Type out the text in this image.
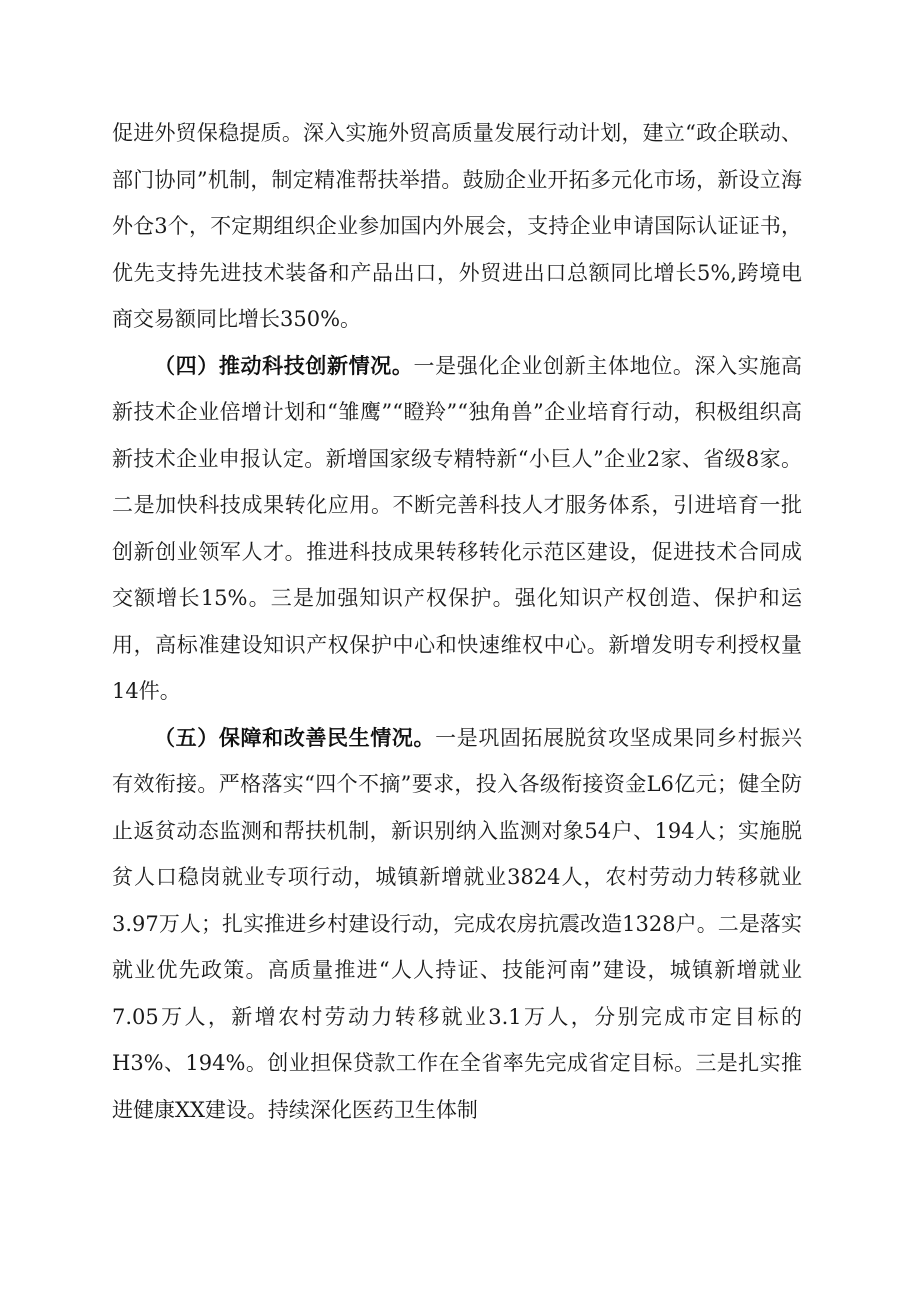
促进外贸保稳提质。深入实施外贸高质量发展行动计划，建立“政企联动、部门协同”机制，制定精准帮扶举措。鼓励企业开拓多元化市场，新设立海外仓3个，不定期组织企业参加国内外展会，支持企业申请国际认证证书，优先支持先进技术装备和产品出口，外贸进出口总额同比增长5%,跨境电商交易额同比增长350%。

（四）推动科技创新情况。一是强化企业创新主体地位。深入实施高新技术企业倍增计划和“雏鹰”“瞪羚”“独角兽”企业培育行动，积极组织高新技术企业申报认定。新增国家级专精特新“小巨人”企业2家、省级8家。二是加快科技成果转化应用。不断完善科技人才服务体系，引进培育一批创新创业领军人才。推进科技成果转移转化示范区建设，促进技术合同成交额增长15%。三是加强知识产权保护。强化知识产权创造、保护和运用，高标准建设知识产权保护中心和快速维权中心。新增发明专利授权量14件。

（五）保障和改善民生情况。一是巩固拓展脱贫攻坚成果同乡村振兴有效衔接。严格落实“四个不摘”要求，投入各级衔接资金L6亿元；健全防止返贫动态监测和帮扶机制，新识别纳入监测对象54户、194人；实施脱贫人口稳岗就业专项行动，城镇新增就业3824人，农村劳动力转移就业3.97万人；扎实推进乡村建设行动，完成农房抗震改造1328户。二是落实就业优先政策。高质量推进“人人持证、技能河南”建设，城镇新增就业7.05万人，新增农村劳动力转移就业3.1万人，分别完成市定目标的H3%、194%。创业担保贷款工作在全省率先完成省定目标。三是扎实推进健康XX建设。持续深化医药卫生体制
